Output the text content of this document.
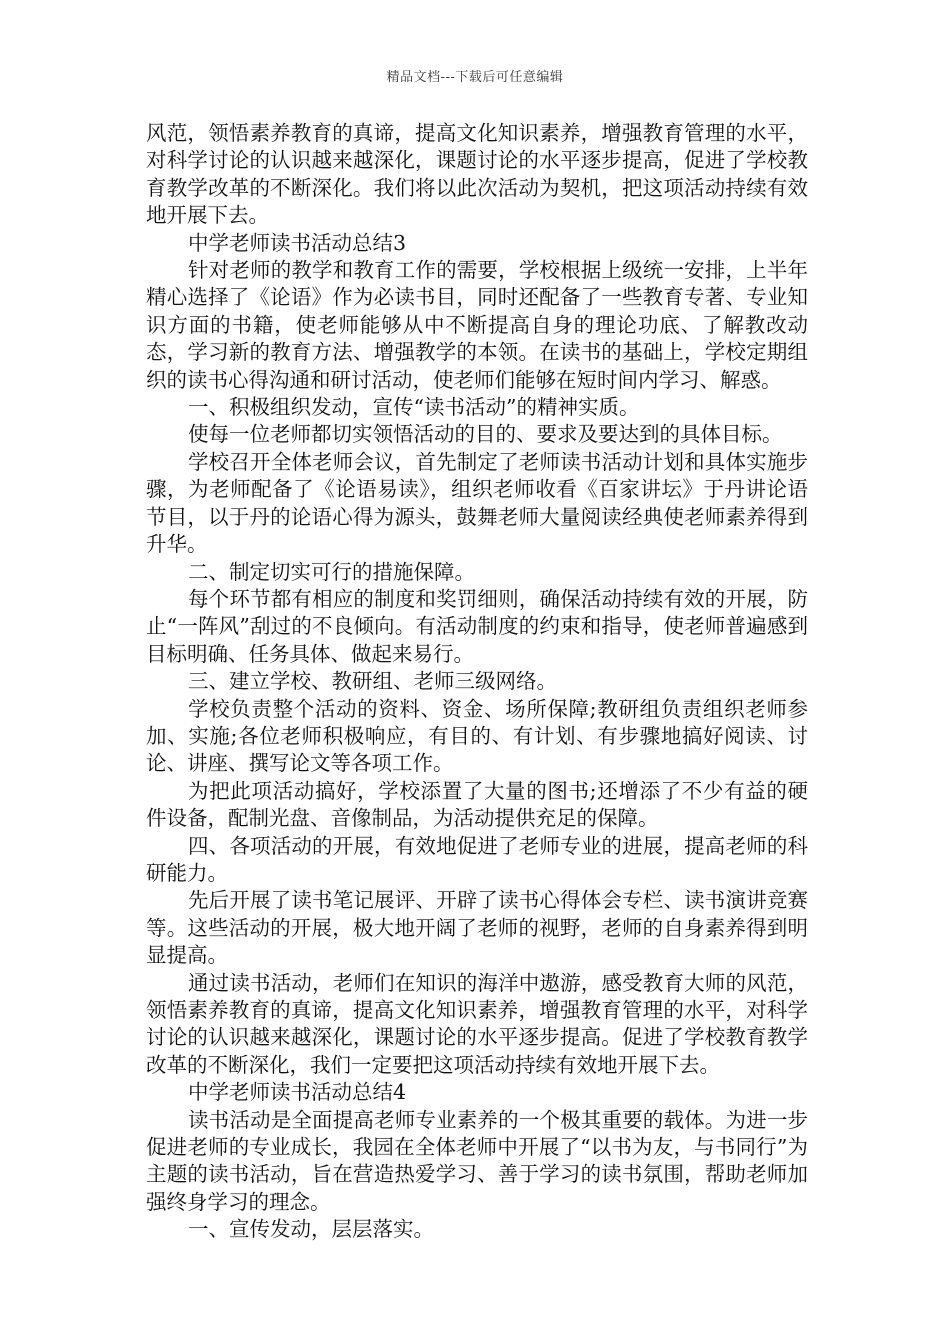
精品文档---下载后可任意编辑

风范，领悟素养教育的真谛，提高文化知识素养，增强教育管理的水平，对科学讨论的认识越来越深化，课题讨论的水平逐步提高，促进了学校教育教学改革的不断深化。我们将以此次活动为契机，把这项活动持续有效地开展下去。

中学老师读书活动总结3

针对老师的教学和教育工作的需要，学校根据上级统一安排，上半年精心选择了《论语》作为必读书目，同时还配备了一些教育专著、专业知识方面的书籍，使老师能够从中不断提高自身的理论功底、了解教改动态，学习新的教育方法、增强教学的本领。在读书的基础上，学校定期组织的读书心得沟通和研讨活动，使老师们能够在短时间内学习、解惑。

一、积极组织发动，宣传“读书活动”的精神实质。

使每一位老师都切实领悟活动的目的、要求及要达到的具体目标。

学校召开全体老师会议，首先制定了老师读书活动计划和具体实施步骤，为老师配备了《论语易读》，组织老师收看《百家讲坛》于丹讲论语节目，以于丹的论语心得为源头，鼓舞老师大量阅读经典使老师素养得到升华。

二、制定切实可行的措施保障。

每个环节都有相应的制度和奖罚细则，确保活动持续有效的开展，防止“一阵风”刮过的不良倾向。有活动制度的约束和指导，使老师普遍感到目标明确、任务具体、做起来易行。

三、建立学校、教研组、老师三级网络。

学校负责整个活动的资料、资金、场所保障;教研组负责组织老师参加、实施;各位老师积极响应，有目的、有计划、有步骤地搞好阅读、讨论、讲座、撰写论文等各项工作。

为把此项活动搞好，学校添置了大量的图书;还增添了不少有益的硬件设备，配制光盘、音像制品，为活动提供充足的保障。

四、各项活动的开展，有效地促进了老师专业的进展，提高老师的科研能力。

先后开展了读书笔记展评、开辟了读书心得体会专栏、读书演讲竞赛等。这些活动的开展，极大地开阔了老师的视野，老师的自身素养得到明显提高。

通过读书活动，老师们在知识的海洋中遨游，感受教育大师的风范，领悟素养教育的真谛，提高文化知识素养，增强教育管理的水平，对科学讨论的认识越来越深化，课题讨论的水平逐步提高。促进了学校教育教学改革的不断深化，我们一定要把这项活动持续有效地开展下去。

中学老师读书活动总结4

读书活动是全面提高老师专业素养的一个极其重要的载体。为进一步促进老师的专业成长，我园在全体老师中开展了“以书为友，与书同行”为主题的读书活动，旨在营造热爱学习、善于学习的读书氛围，帮助老师加强终身学习的理念。

一、宣传发动，层层落实。
